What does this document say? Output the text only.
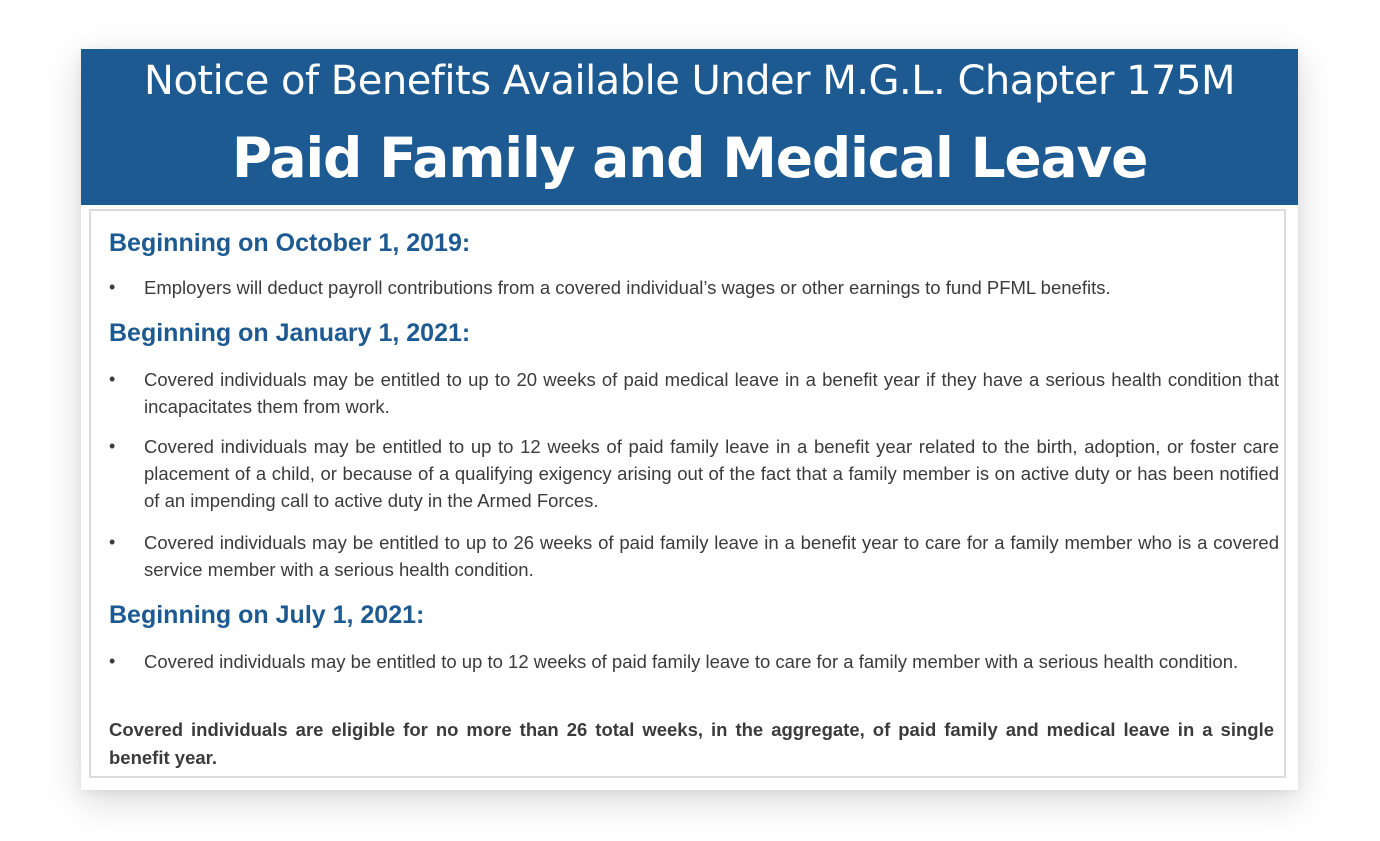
Notice of Benefits Available Under M.G.L. Chapter 175M
Paid Family and Medical Leave
Beginning on October 1, 2019:
•	Employers will deduct payroll contributions from a covered individual’s wages or other earnings to fund PFML benefits.
Beginning on January 1, 2021:
•	Covered individuals may be entitled to up to 20 weeks of paid medical leave in a benefit year if they have a serious health condition that incapacitates them from work.
•	Covered individuals may be entitled to up to 12 weeks of paid family leave in a benefit year related to the birth, adoption, or foster care placement of a child, or because of a qualifying exigency arising out of the fact that a family member is on active duty or has been notified of an impending call to active duty in the Armed Forces.
•	Covered individuals may be entitled to up to 26 weeks of paid family leave in a benefit year to care for a family member who is a covered service member with a serious health condition.
Beginning on July 1, 2021:
•	Covered individuals may be entitled to up to 12 weeks of paid family leave to care for a family member with a serious health condition.
Covered individuals are eligible for no more than 26 total weeks, in the aggregate, of paid family and medical leave in a single benefit year.
